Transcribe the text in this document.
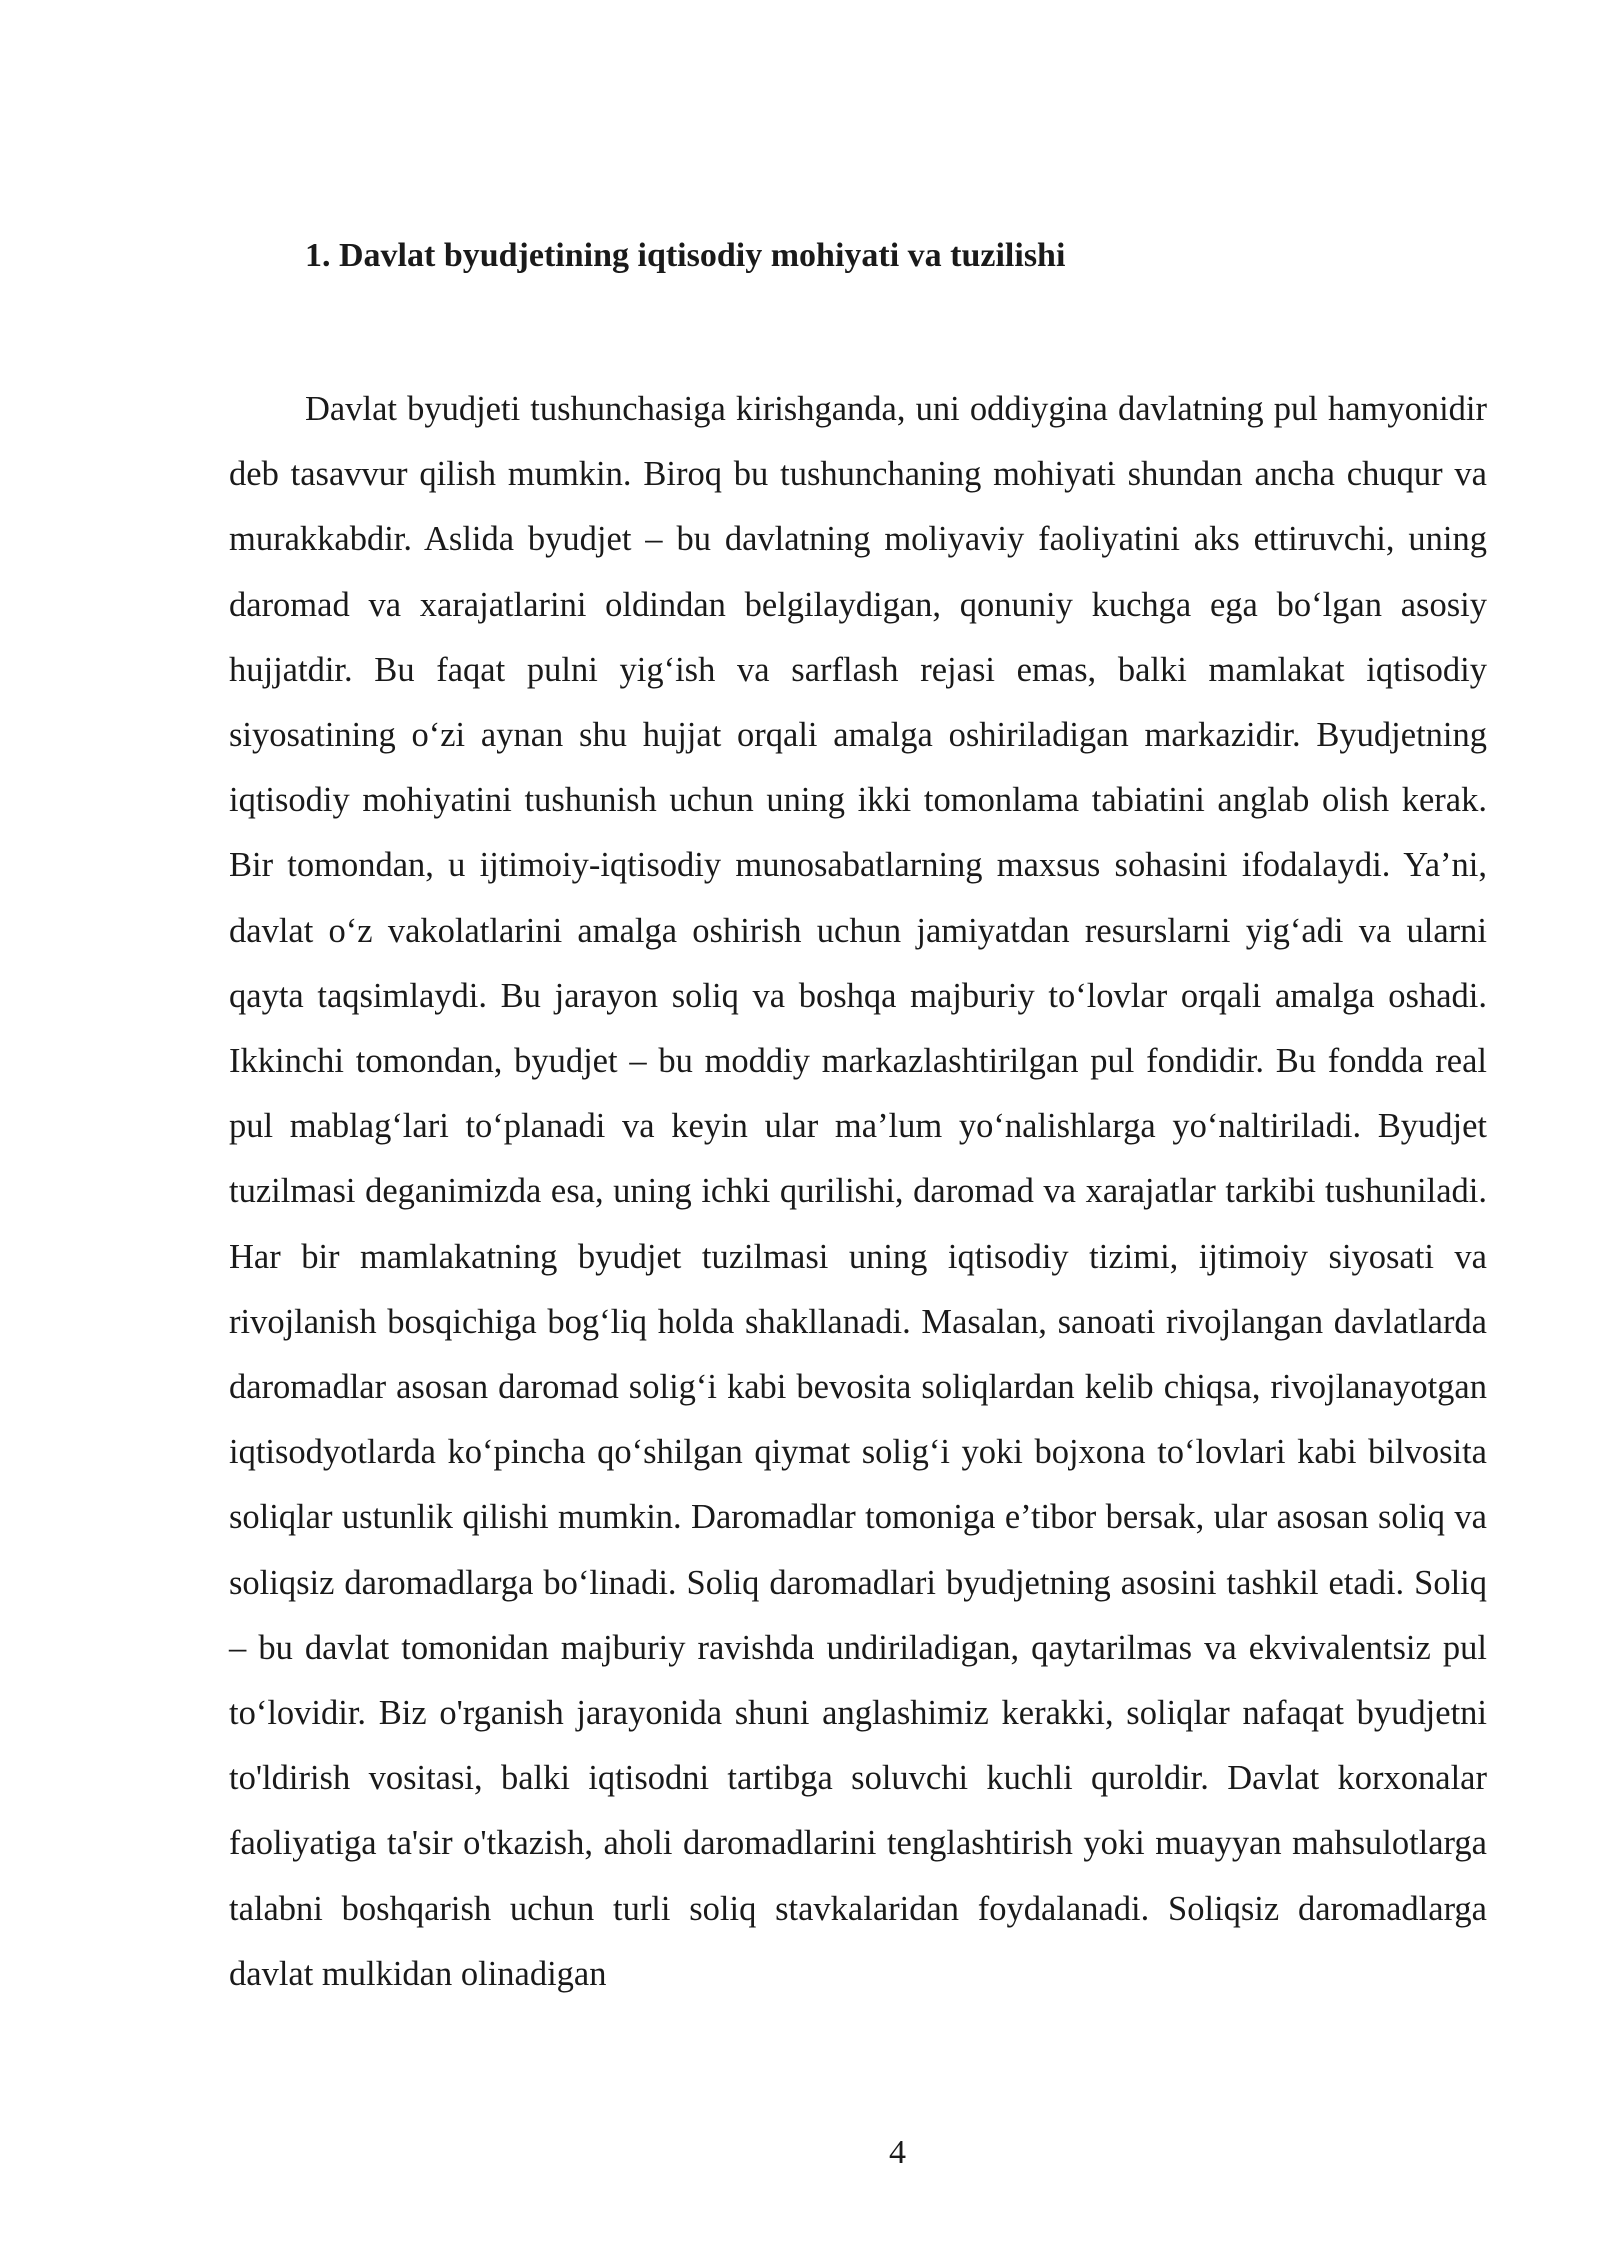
1. Davlat byudjetining iqtisodiy mohiyati va tuzilishi

Davlat byudjeti tushunchasiga kirishganda, uni oddiygina davlatning pul hamyonidir deb tasavvur qilish mumkin. Biroq bu tushunchaning mohiyati shundan ancha chuqur va murakkabdir. Aslida byudjet – bu davlatning moliyaviy faoliyatini aks ettiruvchi, uning daromad va xarajatlarini oldindan belgilaydigan, qonuniy kuchga ega bo‘lgan asosiy hujjatdir. Bu faqat pulni yig‘ish va sarflash rejasi emas, balki mamlakat iqtisodiy siyosatining o‘zi aynan shu hujjat orqali amalga oshiriladigan markazidir. Byudjetning iqtisodiy mohiyatini tushunish uchun uning ikki tomonlama tabiatini anglab olish kerak. Bir tomondan, u ijtimoiy-iqtisodiy munosabatlarning maxsus sohasini ifodalaydi. Ya’ni, davlat o‘z vakolatlarini amalga oshirish uchun jamiyatdan resurslarni yig‘adi va ularni qayta taqsimlaydi. Bu jarayon soliq va boshqa majburiy to‘lovlar orqali amalga oshadi. Ikkinchi tomondan, byudjet – bu moddiy markazlashtirilgan pul fondidir. Bu fondda real pul mablag‘lari to‘planadi va keyin ular ma’lum yo‘nalishlarga yo‘naltiriladi. Byudjet tuzilmasi deganimizda esa, uning ichki qurilishi, daromad va xarajatlar tarkibi tushuniladi. Har bir mamlakatning byudjet tuzilmasi uning iqtisodiy tizimi, ijtimoiy siyosati va rivojlanish bosqichiga bog‘liq holda shakllanadi. Masalan, sanoati rivojlangan davlatlarda daromadlar asosan daromad solig‘i kabi bevosita soliqlardan kelib chiqsa, rivojlanayotgan iqtisodyotlarda ko‘pincha qo‘shilgan qiymat solig‘i yoki bojxona to‘lovlari kabi bilvosita soliqlar ustunlik qilishi mumkin. Daromadlar tomoniga e’tibor bersak, ular asosan soliq va soliqsiz daromadlarga bo‘linadi. Soliq daromadlari byudjetning asosini tashkil etadi. Soliq – bu davlat tomonidan majburiy ravishda undiriladigan, qaytarilmas va ekvivalentsiz pul to‘lovidir. Biz o'rganish jarayonida shuni anglashimiz kerakki, soliqlar nafaqat byudjetni to'ldirish vositasi, balki iqtisodni tartibga soluvchi kuchli quroldir. Davlat korxonalar faoliyatiga ta'sir o'tkazish, aholi daromadlarini tenglashtirish yoki muayyan mahsulotlarga talabni boshqarish uchun turli soliq stavkalaridan foydalanadi. Soliqsiz daromadlarga davlat mulkidan olinadigan

4
